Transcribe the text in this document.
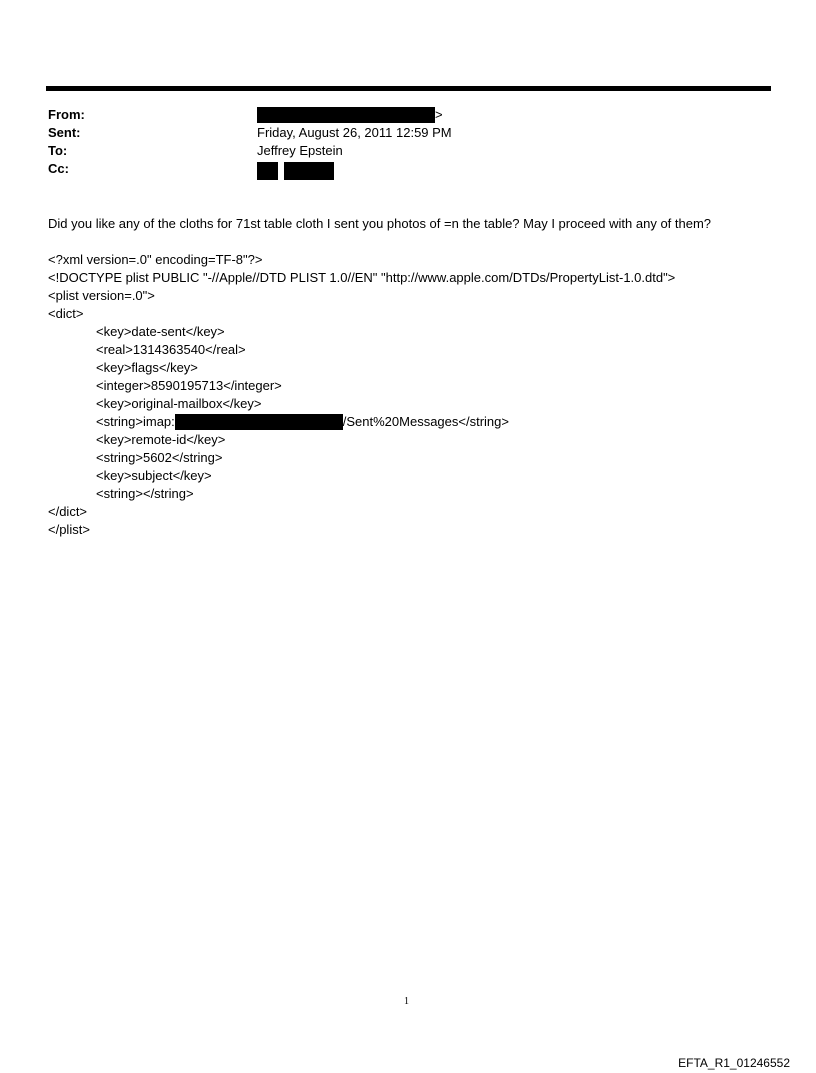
From:	>
Sent:	Friday, August 26, 2011 12:59 PM
To:	Jeffrey Epstein
Cc:

Did you like any of the cloths for 71st table cloth I sent you photos of =n the table? May I proceed with any of them?
<?xml version=.0" encoding=TF-8"?>
<!DOCTYPE plist PUBLIC "-//Apple//DTD PLIST 1.0//EN" "http://www.apple.com/DTDs/PropertyList-1.0.dtd">
<plist version=.0">
<dict>
<key>date-sent</key>
<real>1314363540</real>
<key>flags</key>
<integer>8590195713</integer>
<key>original-mailbox</key>
<string>imap:	/Sent%20Messages</string>
<key>remote-id</key>
<string>5602</string>
<key>subject</key>
<string></string>
</dict>
</plist>
1
EFTA_R1_01246552
